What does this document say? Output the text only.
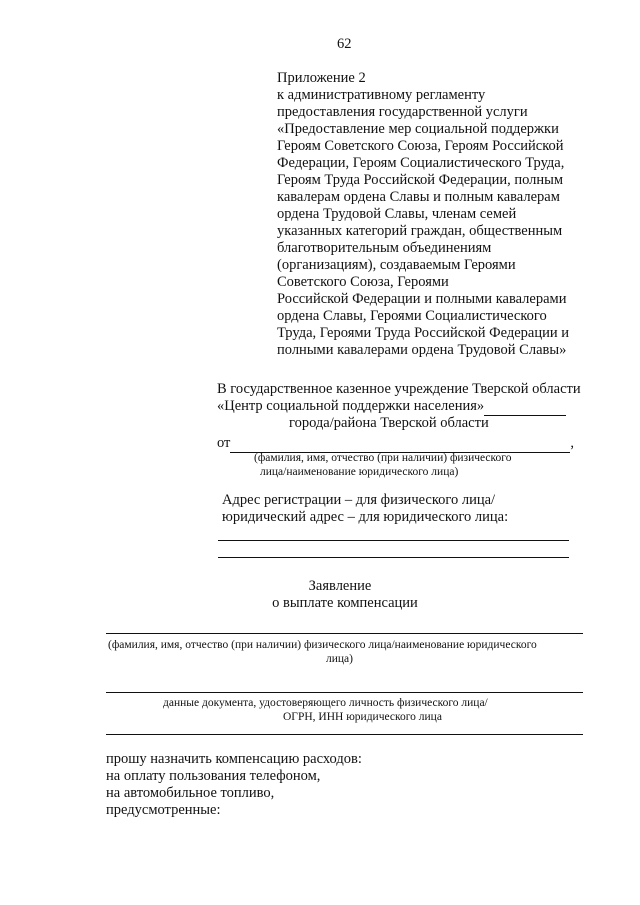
62
Приложение 2
к административному регламенту
предоставления государственной услуги
«Предоставление мер социальной поддержки
Героям Советского Союза, Героям Российской
Федерации, Героям Социалистического Труда,
Героям Труда Российской Федерации, полным
кавалерам ордена Славы и полным кавалерам
ордена Трудовой Славы, членам семей
указанных категорий граждан, общественным
благотворительным объединениям
(организациям), создаваемым Героями
Советского Союза, Героями
Российской Федерации и полными кавалерами
ордена Славы, Героями Социалистического
Труда, Героями Труда Российской Федерации и
полными кавалерами ордена Трудовой Славы»
В государственное казенное учреждение Тверской области
«Центр социальной поддержки населения»
города/района Тверской области
от	,
(фамилия, имя, отчество (при наличии) физического
лица/наименование юридического лица)
Адрес регистрации – для физического лица/
юридический адрес – для юридического лица:
Заявление
о выплате компенсации
(фамилия, имя, отчество (при наличии) физического лица/наименование юридического
лица)
данные документа, удостоверяющего личность физического лица/
ОГРН, ИНН юридического лица
прошу назначить компенсацию расходов:
на оплату пользования телефоном,
на автомобильное топливо,
предусмотренные:
